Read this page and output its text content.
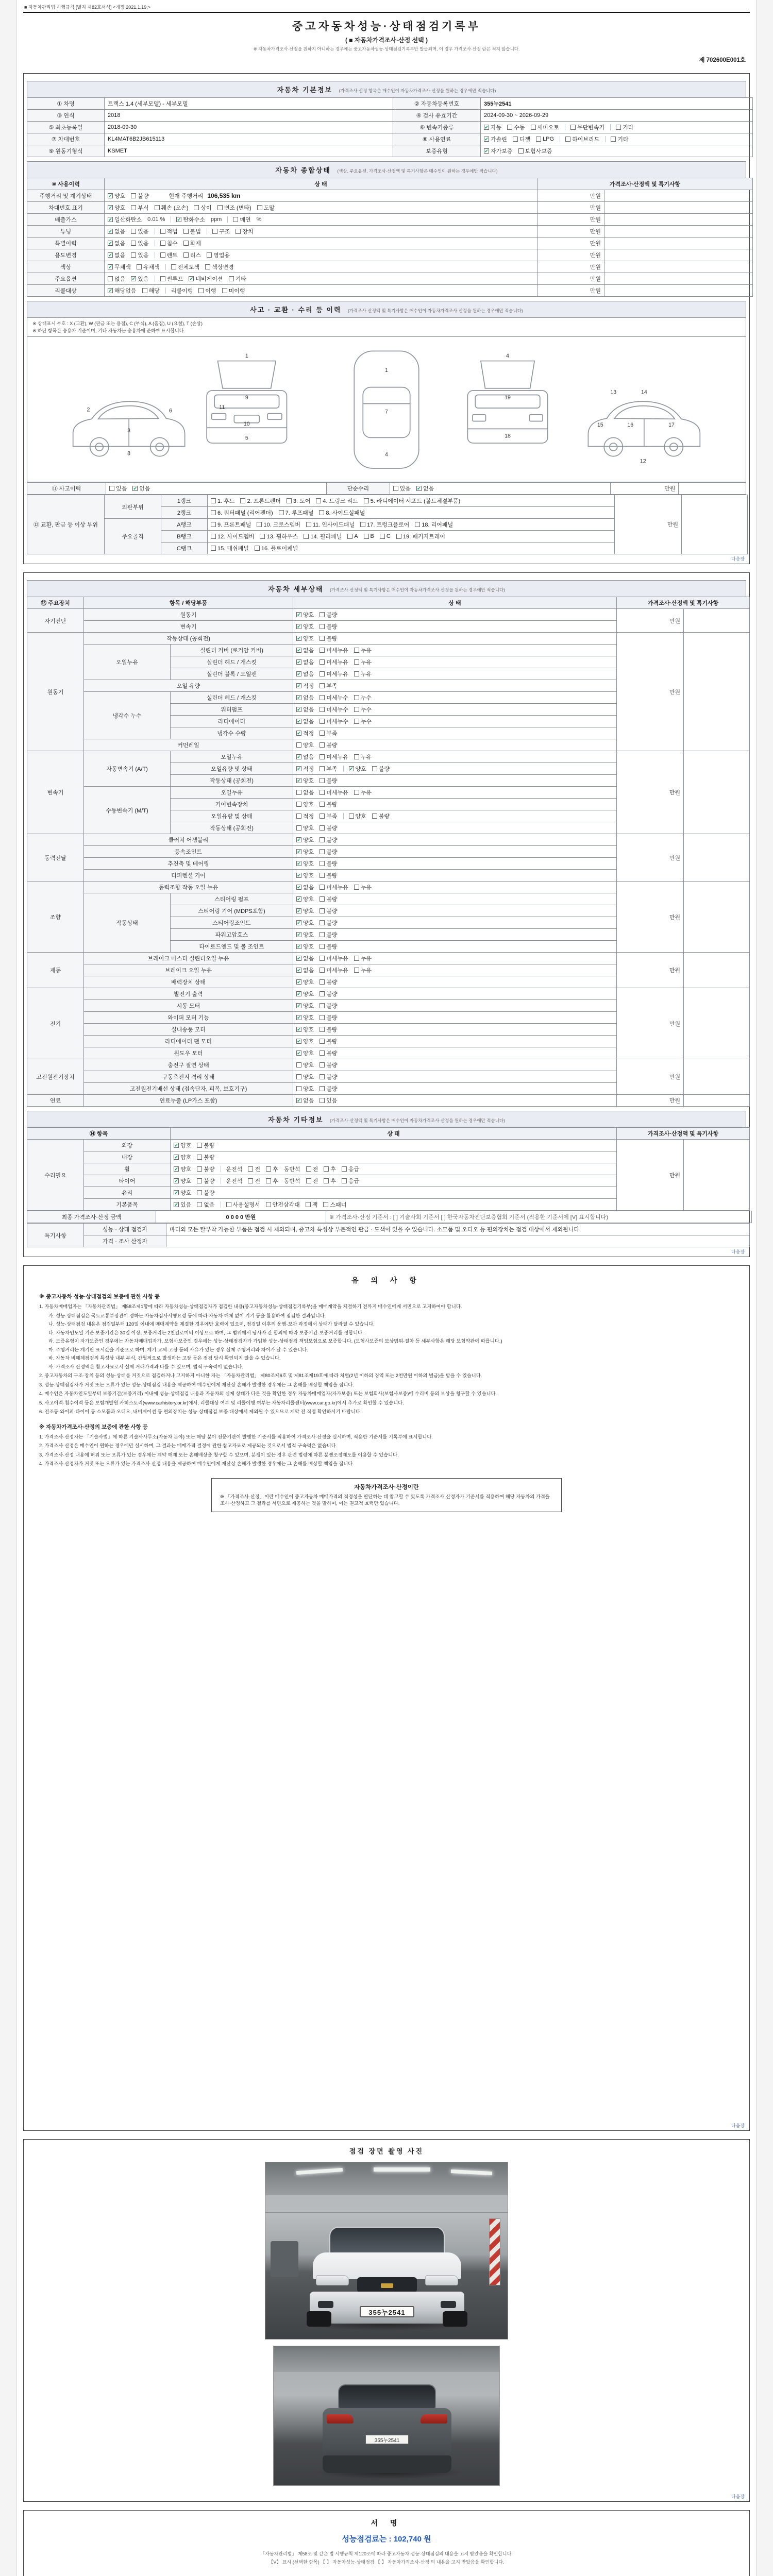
■ 자동차관리법 시행규칙 [별지 제82호서식] <개정 2021.1.19.>
중고자동차성능·상태점검기록부
( ■ 자동차가격조사·산정 선택 )
※ 자동차가격조사·산정을 원하지 아니하는 경우에는 중고자동차성능·상태점검기록부만 발급되며, 이 경우 가격조사·산정 란은 적지 않습니다.
제 702600E001호
자동차 기본정보 (가격조사·산정 항목은 매수인이 자동차가격조사·산정을 원하는 경우에만 적습니다)
① 차명	트랙스 1.4 (세부모델) - 세부모델	② 자동차등록번호	355누2541
③ 연식	2018	④ 검사 유효기간	2024-09-30 ~ 2026-09-29
⑤ 최초등록일	2018-09-30	⑥ 변속기종류	✔ 자동 수동 세미오토	무단변속기	기타

⑦ 차대번호	KL4MAT6B2JB615113	⑧ 사용연료	✔ 가솔린 디젤 LPG	하이브리드	기타

⑨ 원동기형식	KSMET	보증유형	✔ 자가보증 보험사보증
자동차 종합상태 (색상, 주요옵션, 가격조사·산정액 및 특기사항은 매수인이 원하는 경우에만 적습니다)
⑩ 사용이력	상 태	가격조사·산정액 및 특기사항	
주행거리 및 계기상태	✔ 양호 불량 현재 주행거리 106,535 km	만원	
차대번호 표기	✔ 양호 부식 훼손 (오손) 상이 변조 (변타) 도말	만원	
배출가스	✔ 일산화탄소 0.01 %	✔ 탄화수소 ppm	매연 %	만원	
튜닝	✔ 없음 있음	적법 불법	구조 장치	만원	
특별이력	✔ 없음 있음 침수 화재	만원	
용도변경	✔ 없음 있음	렌트 리스 영업용	만원	
색상	✔ 무채색 유채색 전체도색 색상변경	만원	
주요옵션	없음 ✔ 있음	썬루프 ✔ 네비게이션 기타	만원	
리콜대상	✔ 해당없음 해당 리콜이행 이행 미이행	만원	
사고 · 교환 · 수리 등 이력 (가격조사·산정액 및 특기사항은 매수인이 자동차가격조사·산정을 원하는 경우에만 적습니다)
※ 상태표시 부호 : X (교환), W (판금 또는 용접), C (부식), A (흠집), U (요철), T (손상)
※ 하단 항목은 승용차 기준이며, 기타 자동차는 승용차에 준하여 표시합니다.
2
3
6
8
1
9
11
10
5
1
7
4
4
19
18
13	14
12
15	16	17
⑪ 사고이력	있음 ✔ 없음	단순수리	있음 ✔ 없음	만원	
⑫ 교환, 판금 등 이상 부위	외판부위	1랭크	1. 후드 2. 프론트펜더 3. 도어 4. 트렁크 리드 5. 라디에이터 서포트 (볼트체결부품)	만원	
		2랭크	6. 쿼터패널 (리어펜더) 7. 루프패널 8. 사이드실패널		

	주요골격	A랭크	9. 프론트패널 10. 크로스멤버 11. 인사이드패널 17. 트렁크플로어 18. 리어패널		

B랭크	12. 사이드멤버 13. 휠하우스 14. 필러패널 A B C 19. 패키지트레이

		C랭크	15. 대쉬패널 16. 플로어패널		
다음장
자동차 세부상태 (가격조사·산정액 및 특기사항은 매수인이 자동차가격조사·산정을 원하는 경우에만 적습니다)
⑬ 주요장치	항목 / 해당부품		상 태	가격조사·산정액 및 특기사항	
자기진단	원동기		✔ 양호 불량	만원	
	변속기		✔ 양호 불량		

원동기	작동상태 (공회전)		✔ 양호 불량	만원	
	오일누유	실린더 커버 (로커암 커버)	✔ 없음 미세누유 누유		

		실린더 헤드 / 개스킷	✔ 없음 미세누유 누유		

		실린더 블록 / 오일팬	✔ 없음 미세누유 누유		

	오일 유량		✔ 적정 부족		

	냉각수 누수	실린더 헤드 / 개스킷	✔ 없음 미세누수 누수		

		워터펌프	✔ 없음 미세누수 누수		

		라디에이터	✔ 없음 미세누수 누수		

		냉각수 수량	✔ 적정 부족		

	커먼레일		양호 불량		

변속기	자동변속기 (A/T)	오일누유	✔ 없음 미세누유 누유	만원	
오일유량 및 상태	✔ 적정 부족	✔ 양호 불량

		작동상태 (공회전)	✔ 양호 불량		

	수동변속기 (M/T)	오일누유	없음 미세누유 누유		

		기어변속장치	양호 불량		

		오일유량 및 상태	적정 부족 양호 불량		

		작동상태 (공회전)	양호 불량		

동력전달	클러치 어셈블리		✔ 양호 불량	만원	
	등속조인트		✔ 양호 불량		

	추진축 및 베어링		✔ 양호 불량		

	디퍼렌셜 기어		✔ 양호 불량		

조향	동력조향 작동 오일 누유		✔ 없음 미세누유 누유	만원	
	작동상태	스티어링 펌프	✔ 양호 불량		

		스티어링 기어 (MDPS포함)	✔ 양호 불량		

		스티어링조인트	✔ 양호 불량		

		파워고압호스	✔ 양호 불량		

		타이로드엔드 및 볼 조인트	✔ 양호 불량		

제동	브레이크 마스터 실린더오일 누유		✔ 없음 미세누유 누유	만원	
	브레이크 오일 누유		✔ 없음 미세누유 누유		

	배력장치 상태		✔ 양호 불량		

전기	발전기 출력		✔ 양호 불량	만원	
	시동 모터		✔ 양호 불량		

	와이퍼 모터 기능		✔ 양호 불량		

	실내송풍 모터		✔ 양호 불량		

	라디에이터 팬 모터		✔ 양호 불량		

	윈도우 모터		✔ 양호 불량		

고전원전기장치	충전구 절연 상태		양호 불량	만원	
	구동축전지 격리 상태		양호 불량		

	고전원전기배선 상태 (접속단자, 피복, 보호기구)		양호 불량		

연료	연료누출 (LP가스 포함)		✔ 없음 있음	만원	
자동차 기타정보 (가격조사·산정액 및 특기사항은 매수인이 자동차가격조사·산정을 원하는 경우에만 적습니다)
⑭ 항목		상 태	가격조사·산정액 및 특기사항	
수리필요	외장	✔ 양호 불량	만원	
	내장	✔ 양호 불량		

휠	✔ 양호 불량 운전석 전 후 동반석 전 후 응급

타이어	✔ 양호 불량 운전석 전 후 동반석 전 후 응급

	유리	✔ 양호 불량		

기본품목	✔ 있음 없음	사용설명서 안전삼각대 잭 스패너
최종 가격조사·산정 금액	0 0 0 0 만원	※ 가격조사·산정 기준서 : [ ] 기술사회 기준서 [ ] 한국자동차진단보증협회 기준서 (적용한 기준서에 [V] 표시합니다)
특기사항	성능 · 상태 점검자	바디외 모든 탈부착 가능한 부품은 점검 시 제외되며, 중고차 특성상 부분적인 판금 · 도색이 있을 수 있습니다. 소모품 및 오디오 등 편의장치는 점검 대상에서 제외됩니다.
	가격 · 조사 산정자	
다음장
다음장
유 의 사 항
※ 중고자동차 성능·상태점검의 보증에 관한 사항 등
1. 자동차매매업자는 「자동차관리법」 제58조제1항에 따라 자동차성능·상태점검자가 점검한 내용(중고자동차성능·상태점검기록부)을 매매계약을 체결하기 전까지 매수인에게 서면으로 고지하여야 합니다.
가. 성능·상태점검은 국토교통부장관이 정하는 자동차검사시행요령 등에 따라 자동차 해체 없이 기기 등을 활용하여 점검한 결과입니다.
나. 성능·상태점검 내용은 점검일부터 120일 이내에 매매계약을 체결한 경우에만 효력이 있으며, 점검일 이후의 운행·보관 과정에서 상태가 달라질 수 있습니다.
다. 자동차인도일 기준 보증기간은 30일 이상, 보증거리는 2천킬로미터 이상으로 하며, 그 범위에서 당사자 간 합의에 따라 보증기간·보증거리를 정합니다.
라. 보증유형이 자가보증인 경우에는 자동차매매업자가, 보험사보증인 경우에는 성능·상태점검자가 가입한 성능·상태점검 책임보험으로 보증합니다. (보험사보증의 보상범위·절차 등 세부사항은 해당 보험약관에 따릅니다.)
마. 주행거리는 계기판 표시값을 기준으로 하며, 계기 교체·고장 등의 사유가 있는 경우 실제 주행거리와 차이가 날 수 있습니다.
바. 자동차 비해체점검의 특성상 내부 부식, 간헐적으로 발생하는 고장 등은 점검 당시 확인되지 않을 수 있습니다.
사. 가격조사·산정액은 참고자료로서 실제 거래가격과 다를 수 있으며, 법적 구속력이 없습니다.
2. 중고자동차의 구조·장치 등의 성능·상태를 거짓으로 점검하거나 고지하지 아니한 자는 「자동차관리법」 제80조제6호 및 제81조제19호에 따라 처벌(2년 이하의 징역 또는 2천만원 이하의 벌금)을 받을 수 있습니다.
3. 성능·상태점검자가 거짓 또는 오류가 있는 성능·상태점검 내용을 제공하여 매수인에게 재산상 손해가 발생한 경우에는 그 손해를 배상할 책임을 집니다.
4. 매수인은 자동차인도일부터 보증기간(보증거리) 이내에 성능·상태점검 내용과 자동차의 실제 상태가 다른 것을 확인한 경우 자동차매매업자(자가보증) 또는 보험회사(보험사보증)에 수리비 등의 보상을 청구할 수 있습니다.
5. 사고이력·침수이력 등은 보험개발원 카히스토리(www.carhistory.or.kr)에서, 리콜대상 여부 및 리콜이행 여부는 자동차리콜센터(www.car.go.kr)에서 추가로 확인할 수 있습니다.
6. 전조등·와이퍼·타이어 등 소모품과 오디오, 내비게이션 등 편의장치는 성능·상태점검 보증 대상에서 제외될 수 있으므로 계약 전 직접 확인하시기 바랍니다.
※ 자동차가격조사·산정의 보증에 관한 사항 등
1. 가격조사·산정자는 「기술사법」에 따른 기술사사무소(자동차 분야) 또는 해당 분야 전문기관이 발행한 기준서를 적용하여 가격조사·산정을 실시하며, 적용한 기준서를 기록부에 표시합니다.
2. 가격조사·산정은 매수인이 원하는 경우에만 실시하며, 그 결과는 매매가격 결정에 관한 참고자료로 제공되는 것으로서 법적 구속력은 없습니다.
3. 가격조사·산정 내용에 허위 또는 오류가 있는 경우에는 계약 해제 또는 손해배상을 청구할 수 있으며, 분쟁이 있는 경우 관련 법령에 따른 분쟁조정제도를 이용할 수 있습니다.
4. 가격조사·산정자가 거짓 또는 오류가 있는 가격조사·산정 내용을 제공하여 매수인에게 재산상 손해가 발생한 경우에는 그 손해를 배상할 책임을 집니다.
자동차가격조사·산정이란
※ 「가격조사·산정」이란 매수인이 중고자동차 매매가격의 적정성을 판단하는 데 참고할 수 있도록 가격조사·산정자가 기준서를 적용하여 해당 자동차의 가격을 조사·산정하고 그 결과를 서면으로 제공하는 것을 말하며, 이는 권고적 효력만 있습니다.
점검 장면 촬영 사진
355누2541
355누2541
다음장
서 명
성능점검료는 : 102,740 원
「자동차관리법」 제58조 및 같은 법 시행규칙 제120조에 따라 중고자동차 성능·상태점검의 내용을 고지 받았음을 확인합니다.
【V】 표시 (선택한 항목) 【 】 자동차성능·상태점검 【 】 자동차가격조사·산정 의 내용을 고지 받았음을 확인합니다.
